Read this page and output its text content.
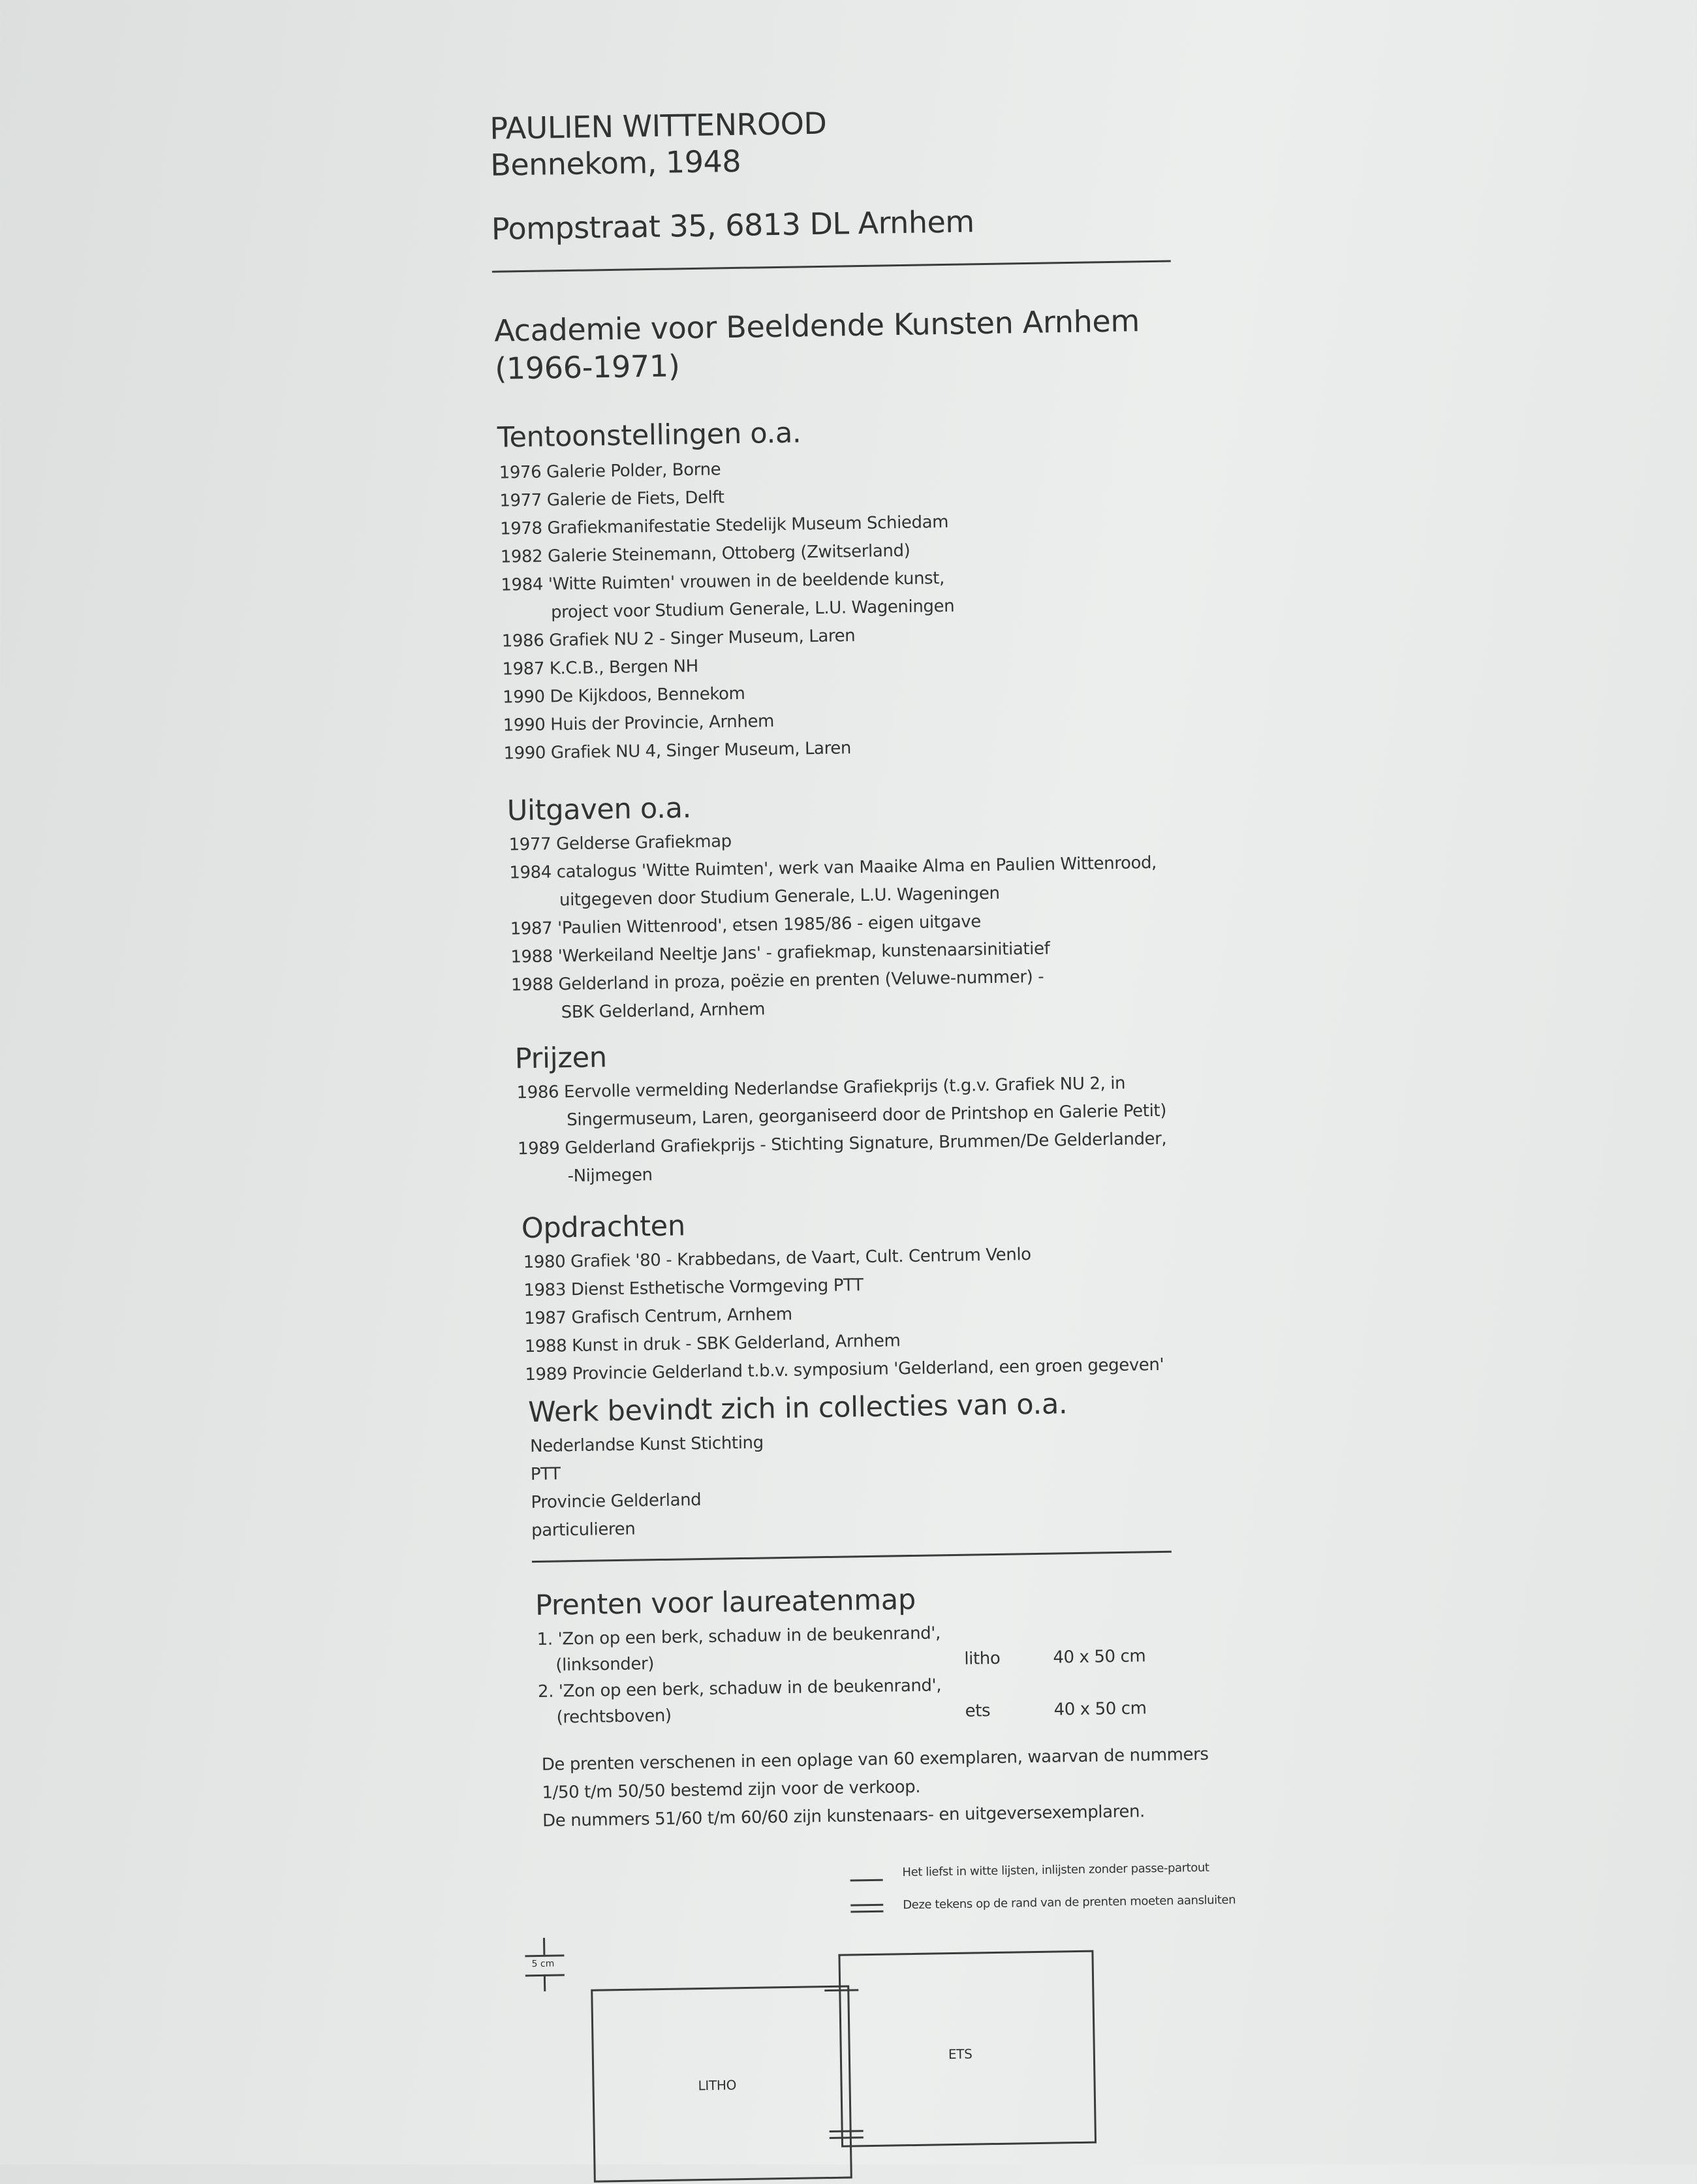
PAULIEN WITTENROOD
Bennekom, 1948
Pompstraat 35, 6813 DL Arnhem
Academie voor Beeldende Kunsten Arnhem
(1966-1971)
Tentoonstellingen o.a.
1976 Galerie Polder, Borne
1977 Galerie de Fiets, Delft
1978 Grafiekmanifestatie Stedelijk Museum Schiedam
1982 Galerie Steinemann, Ottoberg (Zwitserland)
1984 'Witte Ruimten' vrouwen in de beeldende kunst,
project voor Studium Generale, L.U. Wageningen
1986 Grafiek NU 2 - Singer Museum, Laren
1987 K.C.B., Bergen NH
1990 De Kijkdoos, Bennekom
1990 Huis der Provincie, Arnhem
1990 Grafiek NU 4, Singer Museum, Laren
Uitgaven o.a.
1977 Gelderse Grafiekmap
1984 catalogus 'Witte Ruimten', werk van Maaike Alma en Paulien Wittenrood,
uitgegeven door Studium Generale, L.U. Wageningen
1987 'Paulien Wittenrood', etsen 1985/86 - eigen uitgave
1988 'Werkeiland Neeltje Jans' - grafiekmap, kunstenaarsinitiatief
1988 Gelderland in proza, poëzie en prenten (Veluwe-nummer) -
SBK Gelderland, Arnhem
Prijzen
1986 Eervolle vermelding Nederlandse Grafiekprijs (t.g.v. Grafiek NU 2, in
Singermuseum, Laren, georganiseerd door de Printshop en Galerie Petit)
1989 Gelderland Grafiekprijs - Stichting Signature, Brummen/De Gelderlander,
-Nijmegen
Opdrachten
1980 Grafiek '80 - Krabbedans, de Vaart, Cult. Centrum Venlo
1983 Dienst Esthetische Vormgeving PTT
1987 Grafisch Centrum, Arnhem
1988 Kunst in druk - SBK Gelderland, Arnhem
1989 Provincie Gelderland t.b.v. symposium 'Gelderland, een groen gegeven'
Werk bevindt zich in collecties van o.a.
Nederlandse Kunst Stichting
PTT
Provincie Gelderland
particulieren
Prenten voor laureatenmap
1. 'Zon op een berk, schaduw in de beukenrand',
(linksonder)	litho	40 x 50 cm
2. 'Zon op een berk, schaduw in de beukenrand',
(rechtsboven)	ets	40 x 50 cm
De prenten verschenen in een oplage van 60 exemplaren, waarvan de nummers
1/50 t/m 50/50 bestemd zijn voor de verkoop.
De nummers 51/60 t/m 60/60 zijn kunstenaars- en uitgeversexemplaren.
Het liefst in witte lijsten, inlijsten zonder passe-partout
Deze tekens op de rand van de prenten moeten aansluiten
5 cm
LITHO
ETS
